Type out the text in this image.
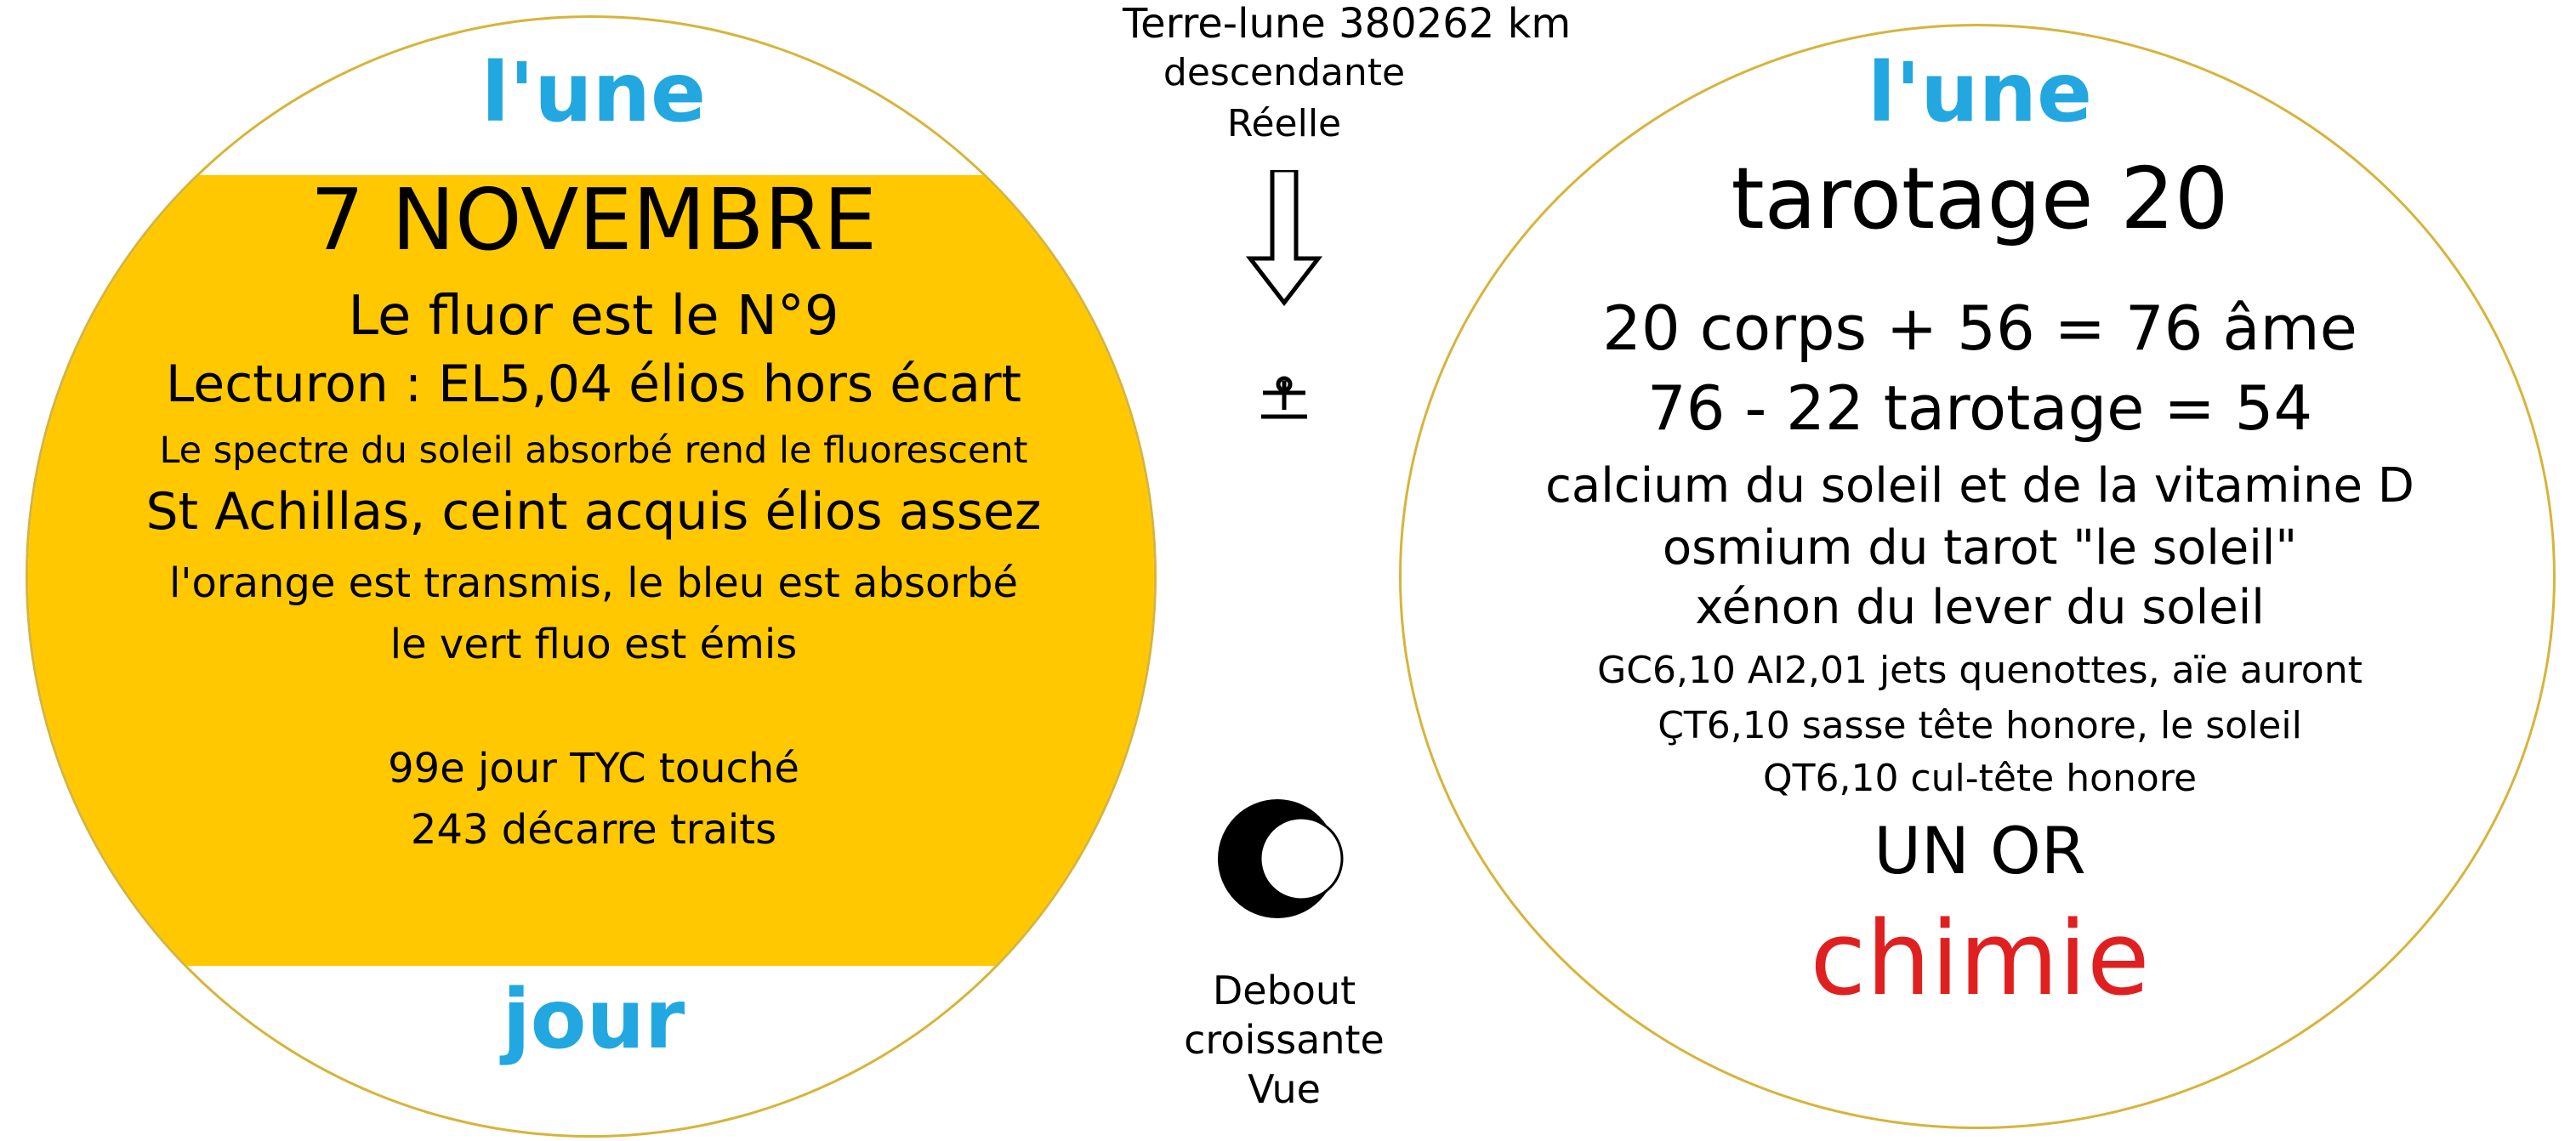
l'une
7 NOVEMBRE
Le fluor est le N°9
Lecturon : EL5,04 élios hors écart
Le spectre du soleil absorbé rend le fluorescent
St Achillas, ceint acquis élios assez
l'orange est transmis, le bleu est absorbé
le vert fluo est émis
99e jour TYC touché
243 décarre traits
jour
Terre-lune 380262 km
descendante
Réelle
Debout
croissante
Vue
l'une
tarotage 20
20 corps + 56 = 76 âme
76 - 22 tarotage = 54
calcium du soleil et de la vitamine D
osmium du tarot "le soleil"
xénon du lever du soleil
GC6,10 AI2,01 jets quenottes, aïe auront
ÇT6,10 sasse tête honore, le soleil
QT6,10 cul-tête honore
UN OR
chimie
